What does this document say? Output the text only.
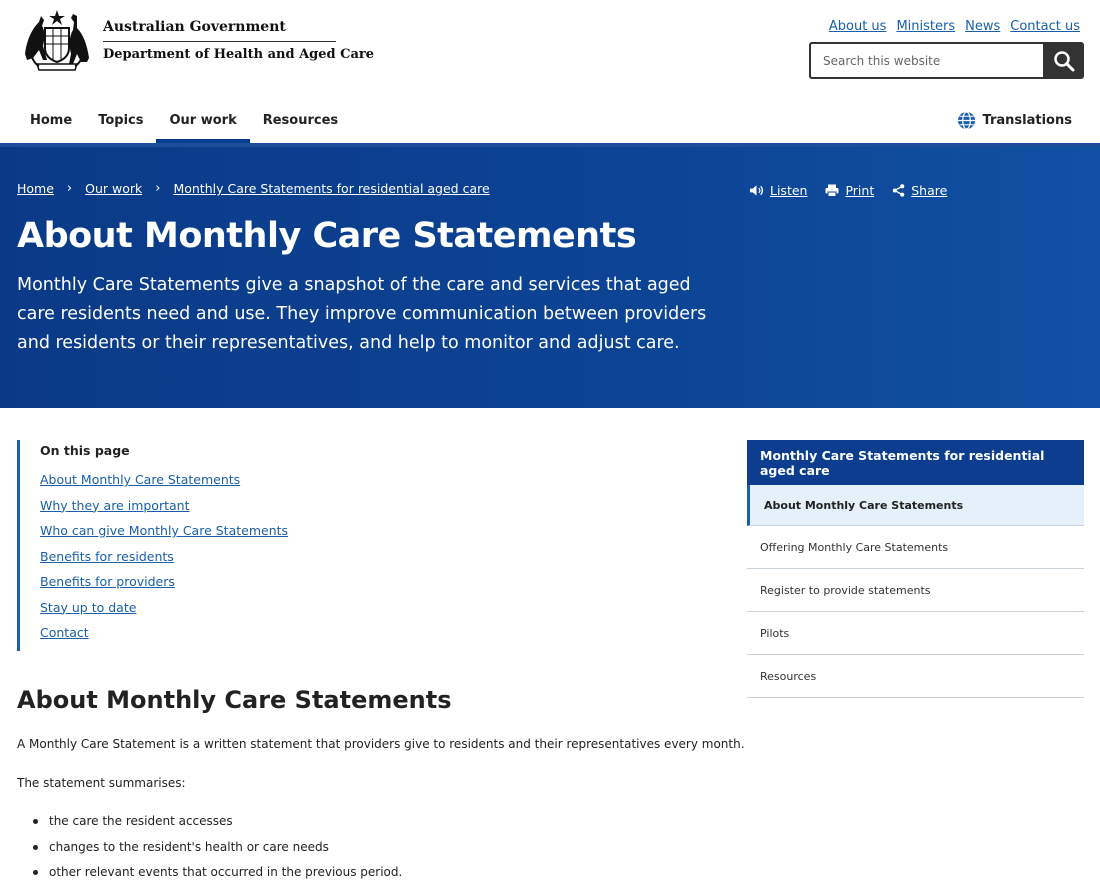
Australian Government
Department of Health and Aged Care
About us Ministers News Contact us
Search this website
Home	Topics	Our work	Resources	Translations
Home › Our work › Monthly Care Statements for residential aged care	Listen	Print	Share
About Monthly Care Statements

Monthly Care Statements give a snapshot of the care and services that aged care residents need and use. They improve communication between providers and residents or their representatives, and help to monitor and adjust care.

On this page
About Monthly Care Statements
Why they are important
Who can give Monthly Care Statements
Benefits for residents
Benefits for providers
Stay up to date
Contact
About Monthly Care Statements

A Monthly Care Statement is a written statement that providers give to residents and their representatives every month.

The statement summarises:

the care the resident accesses
changes to the resident's health or care needs
other relevant events that occurred in the previous period.
Monthly Care Statements for residential aged care
About Monthly Care Statements
Offering Monthly Care Statements
Register to provide statements
Pilots
Resources
